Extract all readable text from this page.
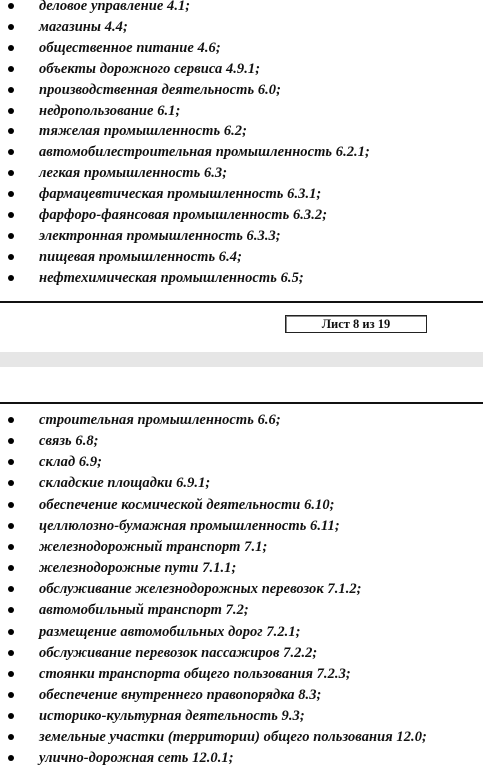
деловое управление 4.1;
магазины 4.4;
общественное питание 4.6;
объекты дорожного сервиса 4.9.1;
производственная деятельность 6.0;
недропользование 6.1;
тяжелая промышленность 6.2;
автомобилестроительная промышленность 6.2.1;
легкая промышленность 6.3;
фармацевтическая промышленность 6.3.1;
фарфоро-фаянсовая промышленность 6.3.2;
электронная промышленность 6.3.3;
пищевая промышленность 6.4;
нефтехимическая промышленность 6.5;
Лист 8 из 19
строительная промышленность 6.6;
связь 6.8;
склад 6.9;
складские площадки 6.9.1;
обеспечение космической деятельности 6.10;
целлюлозно-бумажная промышленность 6.11;
железнодорожный транспорт 7.1;
железнодорожные пути 7.1.1;
обслуживание железнодорожных перевозок 7.1.2;
автомобильный транспорт 7.2;
размещение автомобильных дорог 7.2.1;
обслуживание перевозок пассажиров 7.2.2;
стоянки транспорта общего пользования 7.2.3;
обеспечение внутреннего правопорядка 8.3;
историко-культурная деятельность 9.3;
земельные участки (территории) общего пользования 12.0;
улично-дорожная сеть 12.0.1;
